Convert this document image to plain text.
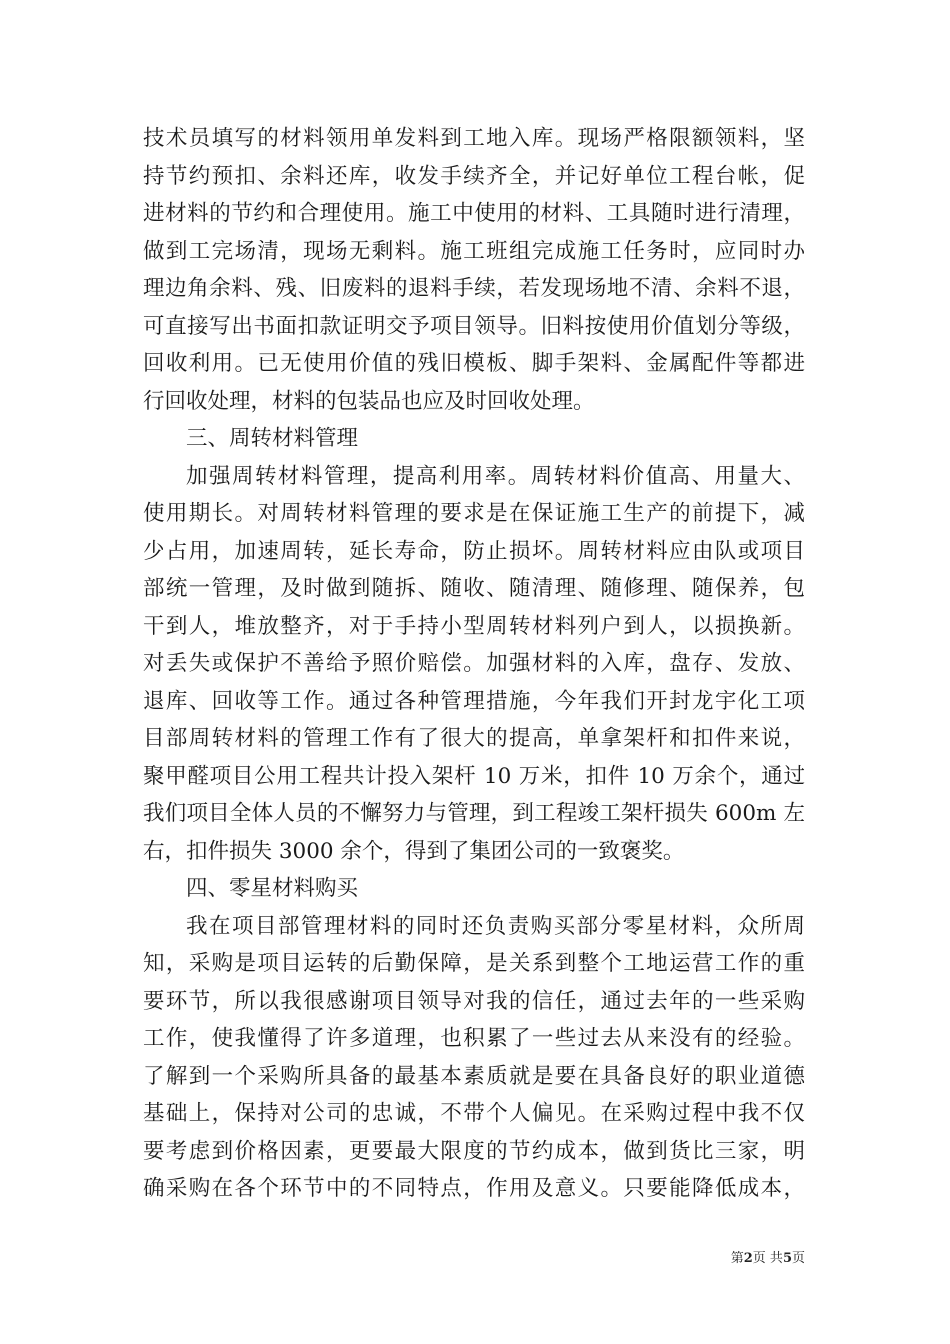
技术员填写的材料领用单发料到工地入库。现场严格限额领料，坚
持节约预扣、余料还库，收发手续齐全，并记好单位工程台帐，促
进材料的节约和合理使用。施工中使用的材料、工具随时进行清理，
做到工完场清，现场无剩料。施工班组完成施工任务时，应同时办
理边角余料、残、旧废料的退料手续，若发现场地不清、余料不退，
可直接写出书面扣款证明交予项目领导。旧料按使用价值划分等级，
回收利用。已无使用价值的残旧模板、脚手架料、金属配件等都进
行回收处理，材料的包装品也应及时回收处理。
三、周转材料管理
加强周转材料管理，提高利用率。周转材料价值高、用量大、
使用期长。对周转材料管理的要求是在保证施工生产的前提下，减
少占用，加速周转，延长寿命，防止损坏。周转材料应由队或项目
部统一管理，及时做到随拆、随收、随清理、随修理、随保养，包
干到人，堆放整齐，对于手持小型周转材料列户到人，以损换新。
对丢失或保护不善给予照价赔偿。加强材料的入库，盘存、发放、
退库、回收等工作。通过各种管理措施，今年我们开封龙宇化工项
目部周转材料的管理工作有了很大的提高，单拿架杆和扣件来说，
聚甲醛项目公用工程共计投入架杆 10 万米，扣件 10 万余个，通过
我们项目全体人员的不懈努力与管理，到工程竣工架杆损失 600m 左
右，扣件损失 3000 余个，得到了集团公司的一致褒奖。
四、零星材料购买
我在项目部管理材料的同时还负责购买部分零星材料，众所周
知，采购是项目运转的后勤保障，是关系到整个工地运营工作的重
要环节，所以我很感谢项目领导对我的信任，通过去年的一些采购
工作，使我懂得了许多道理，也积累了一些过去从来没有的经验。
了解到一个采购所具备的最基本素质就是要在具备良好的职业道德
基础上，保持对公司的忠诚，不带个人偏见。在采购过程中我不仅
要考虑到价格因素，更要最大限度的节约成本，做到货比三家，明
确采购在各个环节中的不同特点，作用及意义。只要能降低成本，
第2页 共5页
